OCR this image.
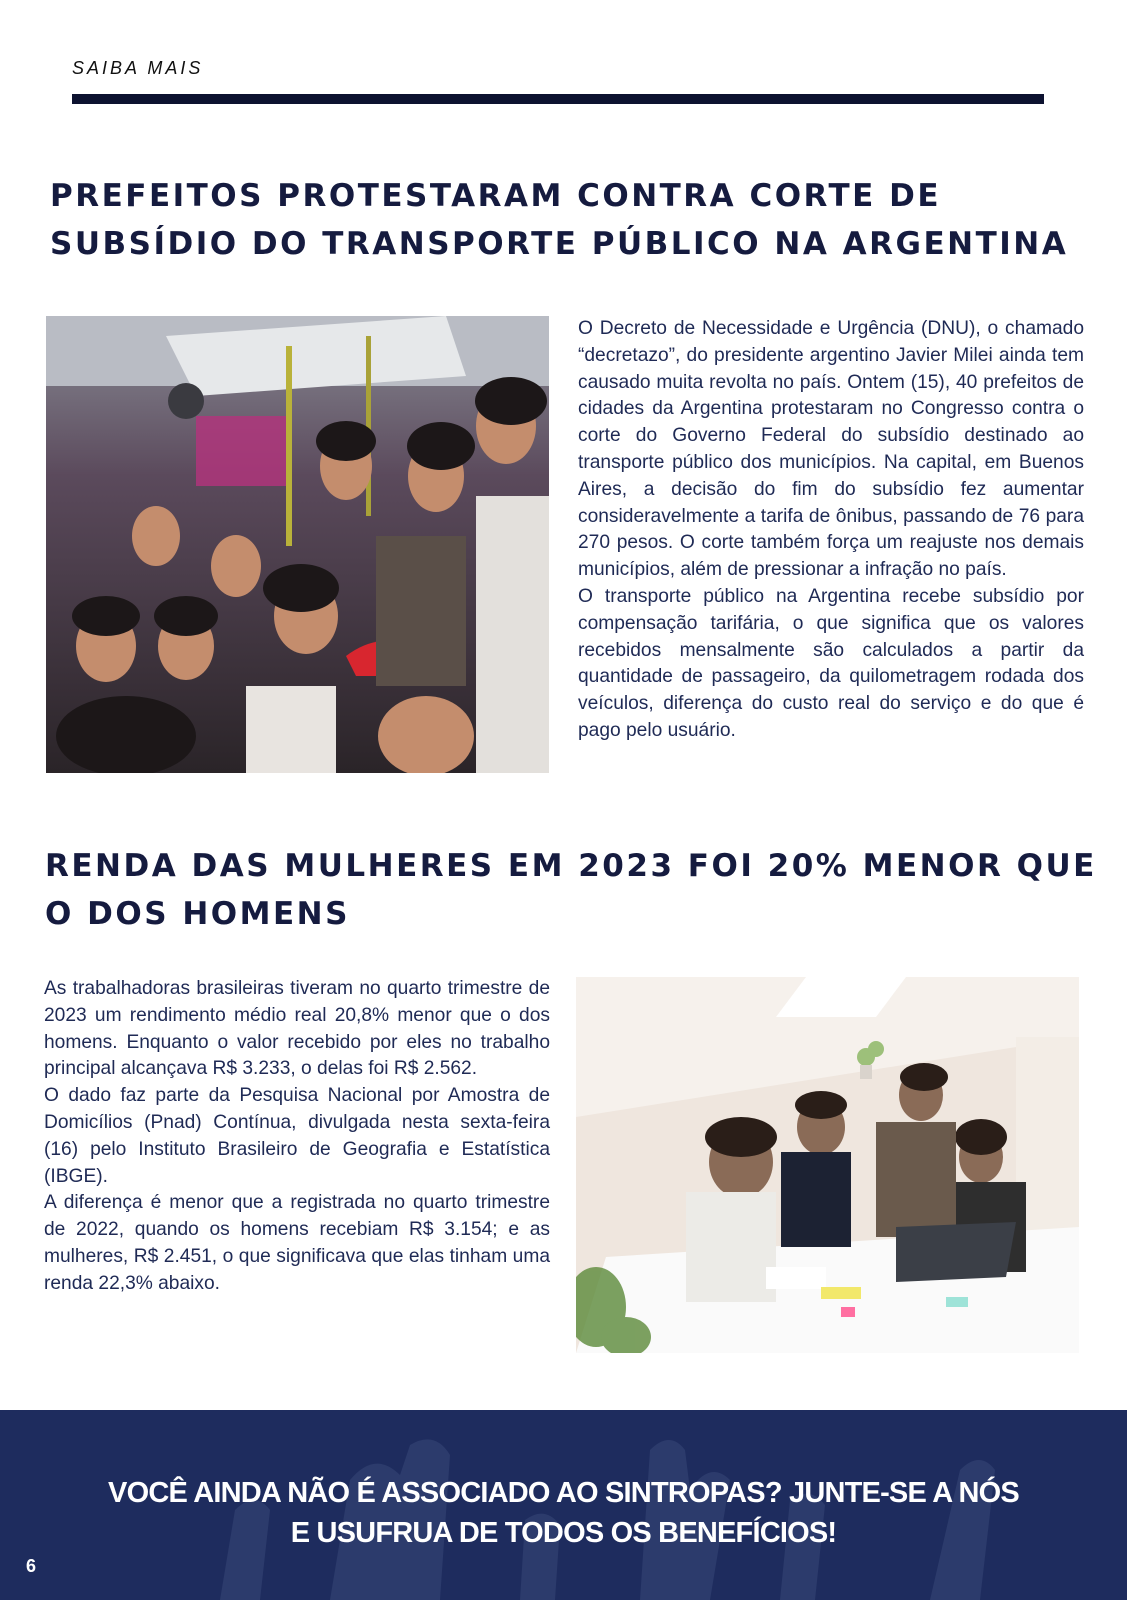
SAIBA MAIS
PREFEITOS PROTESTARAM CONTRA CORTE DE SUBSÍDIO DO TRANSPORTE PÚBLICO NA ARGENTINA

O Decreto de Necessidade e Urgência (DNU), o chamado “decretazo”, do presidente argentino Javier Milei ainda tem causado muita revolta no país. Ontem (15), 40 prefeitos de cidades da Argentina protestaram no Congresso contra o corte do Governo Federal do subsídio destinado ao transporte público dos municípios. Na capital, em Buenos Aires, a decisão do fim do subsídio fez aumentar consideravelmente a tarifa de ônibus, passando de 76 para 270 pesos. O corte também força um reajuste nos demais municípios, além de pressionar a infração no país.

O transporte público na Argentina recebe subsídio por compensação tarifária, o que significa que os valores recebidos mensalmente são calculados a partir da quantidade de passageiro, da quilometragem rodada dos veículos, diferença do custo real do serviço e do que é pago pelo usuário.

RENDA DAS MULHERES EM 2023 FOI 20% MENOR QUE O DOS HOMENS

As trabalhadoras brasileiras tiveram no quarto trimestre de 2023 um rendimento médio real 20,8% menor que o dos homens. Enquanto o valor recebido por eles no trabalho principal alcançava R$ 3.233, o delas foi R$ 2.562.

O dado faz parte da Pesquisa Nacional por Amostra de Domicílios (Pnad) Contínua, divulgada nesta sexta-feira (16) pelo Instituto Brasileiro de Geografia e Estatística (IBGE).

A diferença é menor que a registrada no quarto trimestre de 2022, quando os homens recebiam R$ 3.154; e as mulheres, R$ 2.451, o que significava que elas tinham uma renda 22,3% abaixo.

VOCÊ AINDA NÃO É ASSOCIADO AO SINTROPAS? JUNTE-SE A NÓS
E USUFRUA DE TODOS OS BENEFÍCIOS!

6
